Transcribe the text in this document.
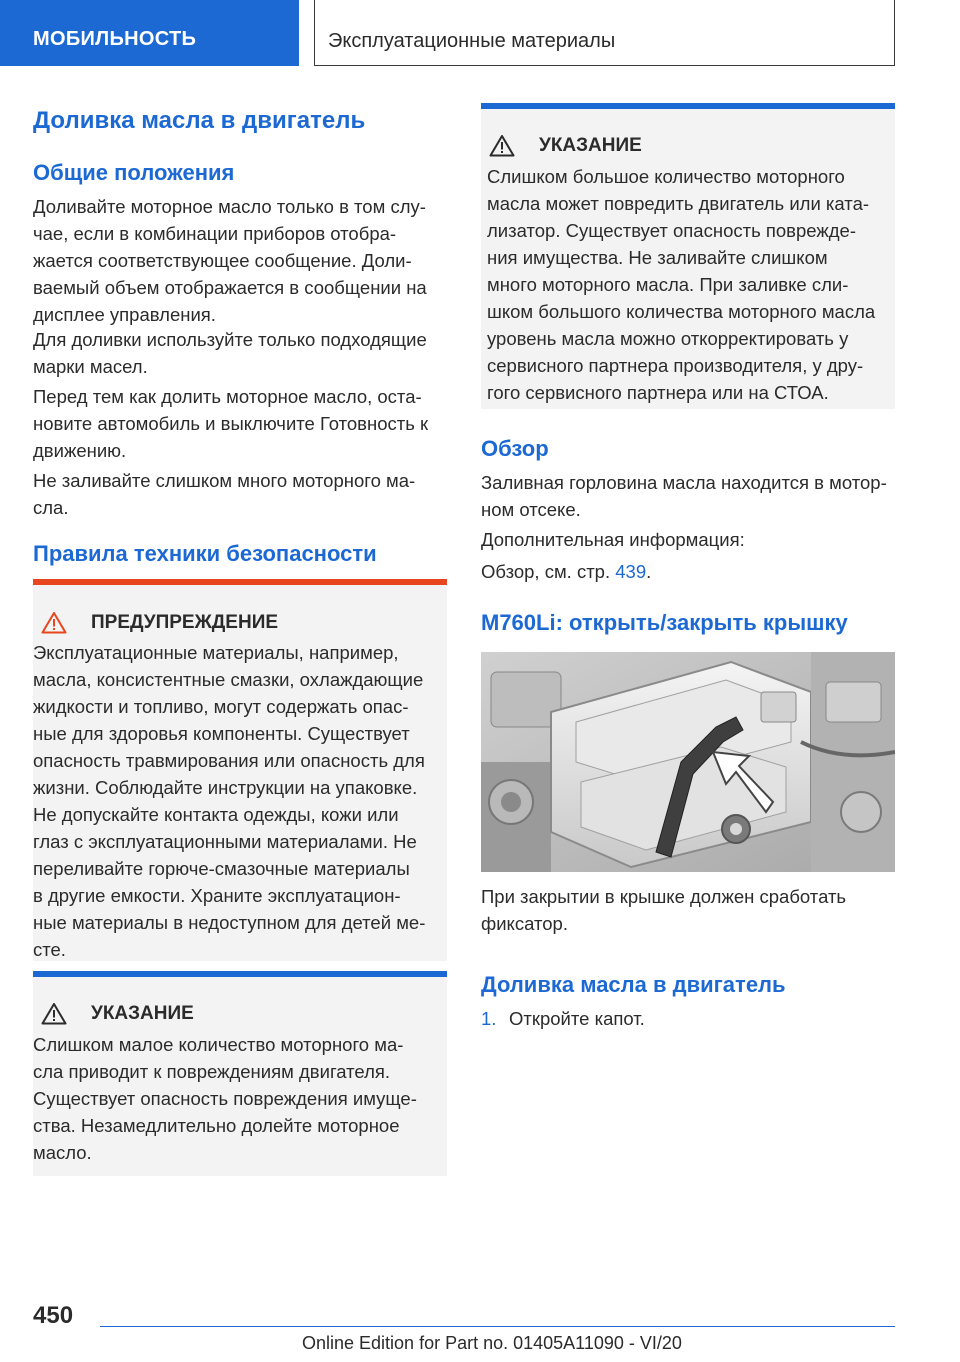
МОБИЛЬНОСТЬ	Эксплуатационные материалы
Доливка масла в двигатель
Общие положения
Доливайте моторное масло только в том слу-
чае, если в комбинации приборов отобра-
жается соответствующее сообщение. Доли-
ваемый объем отображается в сообщении на
дисплее управления.
Для доливки используйте только подходящие
марки масел.
Перед тем как долить моторное масло, оста-
новите автомобиль и выключите Готовность к
движению.
Не заливайте слишком много моторного ма-
сла.
Правила техники безопасности
ПРЕДУПРЕЖДЕНИЕ
Эксплуатационные материалы, например,
масла, консистентные смазки, охлаждающие
жидкости и топливо, могут содержать опас-
ные для здоровья компоненты. Существует
опасность травмирования или опасность для
жизни. Соблюдайте инструкции на упаковке.
Не допускайте контакта одежды, кожи или
глаз с эксплуатационными материалами. Не
переливайте горюче-смазочные материалы
в другие емкости. Храните эксплуатацион-
ные материалы в недоступном для детей ме-
сте.
УКАЗАНИЕ
Слишком малое количество моторного ма-
сла приводит к повреждениям двигателя.
Существует опасность повреждения имуще-
ства. Незамедлительно долейте моторное
масло.
УКАЗАНИЕ
Слишком большое количество моторного
масла может повредить двигатель или ката-
лизатор. Существует опасность поврежде-
ния имущества. Не заливайте слишком
много моторного масла. При заливке сли-
шком большого количества моторного масла
уровень масла можно откорректировать у
сервисного партнера производителя, у дру-
гого сервисного партнера или на СТОА.
Обзор
Заливная горловина масла находится в мотор-
ном отсеке.
Дополнительная информация:
Обзор, см. стр. 439.
M760Li: открыть/закрыть крышку
При закрытии в крышке должен сработать
фиксатор.
Доливка масла в двигатель
1. Откройте капот.
450
Online Edition for Part no. 01405A11090 - VI/20
